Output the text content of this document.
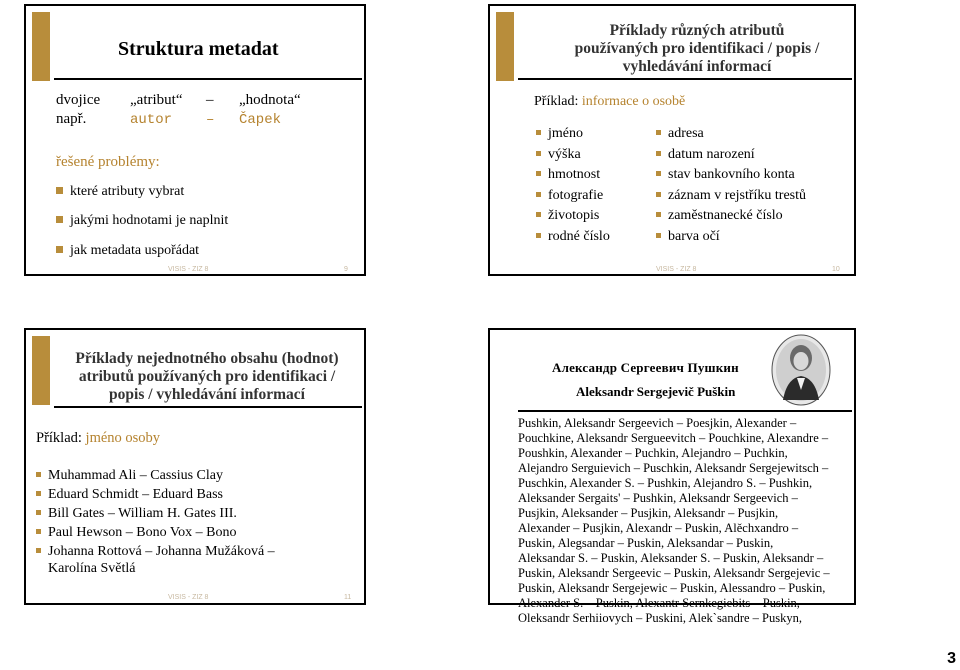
Struktura metadat
dvojice „atribut“ – „hodnota“
např.	autor – Čapek
řešené problémy:
které atributy vybrat
jakými hodnotami je naplnit
jak metadata uspořádat
VISIS - ZIZ 8	9
Příklady různých atributů
používaných pro identifikaci / popis /
vyhledávání informací
Příklad: informace o osobě
jméno
výška
hmotnost
fotografie
životopis
rodné číslo
adresa
datum narození
stav bankovního konta
záznam v rejstříku trestů
zaměstnanecké číslo
barva očí
VISIS - ZIZ 8	10
Příklady nejednotného obsahu (hodnot)
atributů používaných pro identifikaci /
popis / vyhledávání informací
Příklad: jméno osoby
Muhammad Ali – Cassius Clay
Eduard Schmidt – Eduard Bass
Bill Gates – William H. Gates III.
Paul Hewson – Bono Vox – Bono
Johanna Rottová – Johanna Mužáková –
Karolína Světlá
VISIS - ZIZ 8	11
Александр Сергеевич Пушкин
Aleksandr Sergejevič Puškin
Pushkin, Aleksandr Sergeevich – Poesjkin, Alexander –
Pouchkine, Aleksandr Sergueevitch – Pouchkine, Alexandre –
Poushkin, Alexander – Puchkin, Alejandro – Puchkin,
Alejandro Serguievich – Puschkin, Aleksandr Sergejewitsch –
Puschkin, Alexander S. – Pushkin, Alejandro S. – Pushkin,
Aleksander Sergaits' – Pushkin, Aleksandr Sergeevich –
Pusjkin, Aleksander – Pusjkin, Aleksandr – Pusjkin,
Alexander – Pusjkin, Alexandr – Puskin, Alěchxandro –
Puskin, Alegsandar – Puskin, Aleksandar – Puskin,
Aleksandar S. – Puskin, Aleksander S. – Puskin, Aleksandr –
Puskin, Aleksandr Sergeevic – Puskin, Aleksandr Sergejevic –
Puskin, Aleksandr Sergejewic – Puskin, Alessandro – Puskin,
Alexander S. – Puskin, Alexantr Sernkegiebits – Puskin,
Oleksandr Serhiiovych – Puskini, Alek`sandre – Puskyn,
3
